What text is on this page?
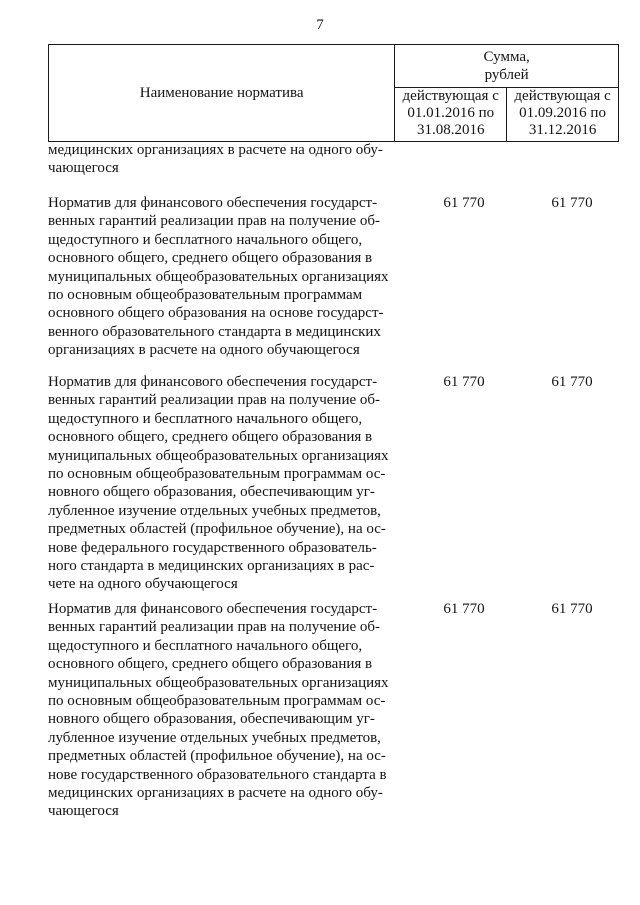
7
Наименование норматива	Сумма,
рублей	

	действующая с
01.01.2016 по
31.08.2016	действующая с
01.09.2016 по
31.12.2016
медицинских организациях в расчете на одного обу-
чающегося
Норматив для финансового обеспечения государст-
венных гарантий реализации прав на получение об-
щедоступного и бесплатного начального общего,
основного общего, среднего общего образования в
муниципальных общеобразовательных организациях
по основным общеобразовательным программам
основного общего образования на основе государст-
венного образовательного стандарта в медицинских
организациях в расчете на одного обучающегося
61 770	61 770
Норматив для финансового обеспечения государст-
венных гарантий реализации прав на получение об-
щедоступного и бесплатного начального общего,
основного общего, среднего общего образования в
муниципальных общеобразовательных организациях
по основным общеобразовательным программам ос-
новного общего образования, обеспечивающим уг-
лубленное изучение отдельных учебных предметов,
предметных областей (профильное обучение), на ос-
нове федерального государственного образователь-
ного стандарта в медицинских организациях в рас-
чете на одного обучающегося
61 770	61 770
Норматив для финансового обеспечения государст-
венных гарантий реализации прав на получение об-
щедоступного и бесплатного начального общего,
основного общего, среднего общего образования в
муниципальных общеобразовательных организациях
по основным общеобразовательным программам ос-
новного общего образования, обеспечивающим уг-
лубленное изучение отдельных учебных предметов,
предметных областей (профильное обучение), на ос-
нове государственного образовательного стандарта в
медицинских организациях в расчете на одного обу-
чающегося
61 770	61 770
